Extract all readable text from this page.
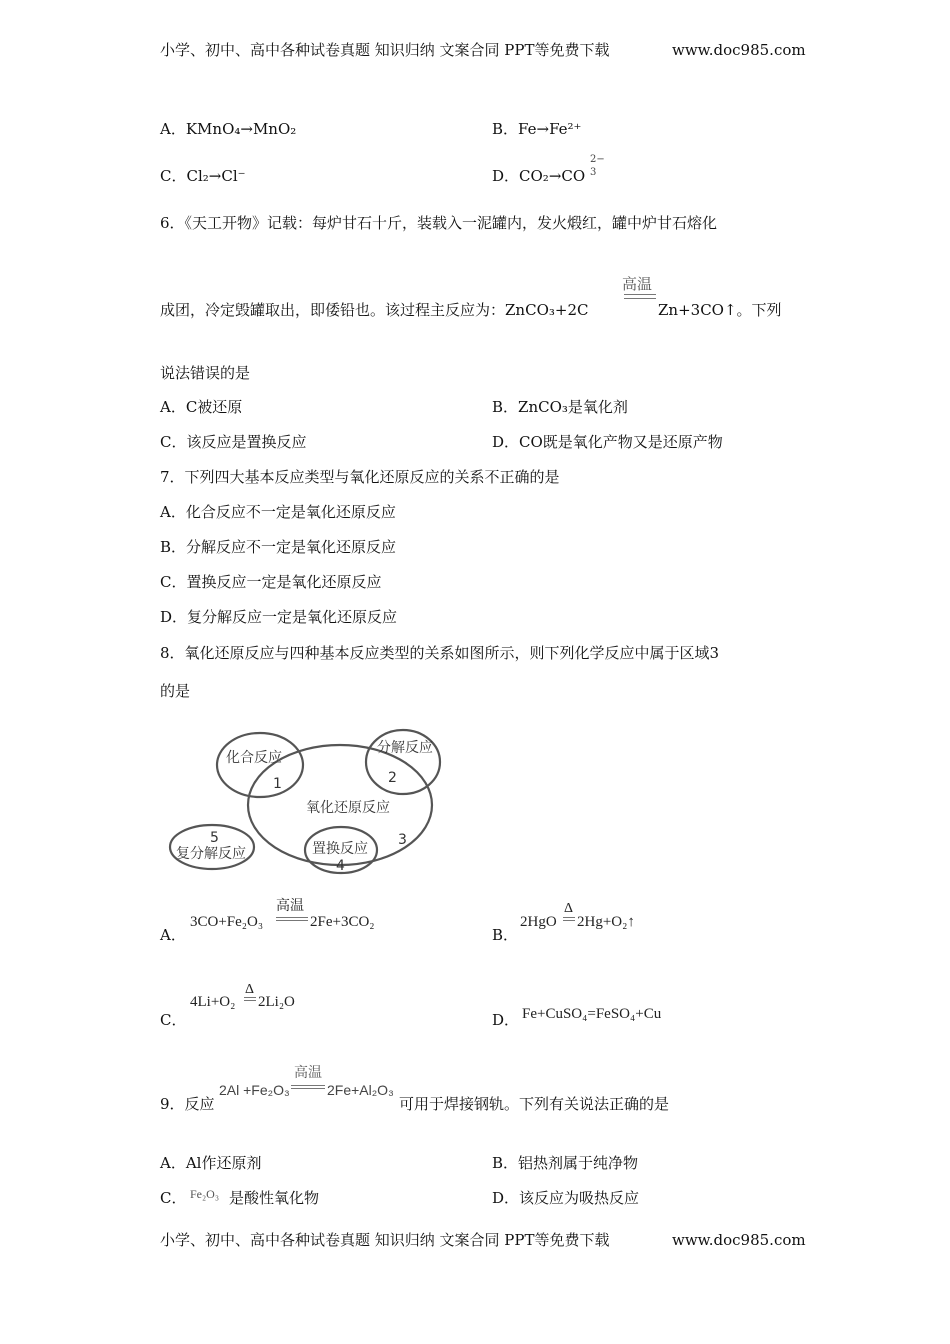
小学、初中、高中各种试卷真题 知识归纳 文案合同 PPT等免费下载	www.doc985.com
A．KMnO₄→MnO₂	B．Fe→Fe²⁺
C．Cl₂→Cl⁻	D．CO₂→CO
2−
3
6．《天工开物》记载：每炉甘石十斤，装载入一泥罐内，发火煅红，罐中炉甘石熔化
成团，冷定毁罐取出，即倭铅也。该过程主反应为：ZnCO₃+2C
高温
Zn+3CO↑。下列
说法错误的是
A．C被还原	B．ZnCO₃是氧化剂
C．该反应是置换反应	D．CO既是氧化产物又是还原产物
7．下列四大基本反应类型与氧化还原反应的关系不正确的是
A．化合反应不一定是氧化还原反应
B．分解反应不一定是氧化还原反应
C．置换反应一定是氧化还原反应
D．复分解反应一定是氧化还原反应
8．氧化还原反应与四种基本反应类型的关系如图所示，则下列化学反应中属于区域3
的是
化合反应
1
分解反应
2
氧化还原反应
3
5
复分解反应	置换反应
4
A．
3CO+Fe₂O₃
高温
2Fe+3CO₂
B．
2HgO
Δ
2Hg+O₂↑
C．
4Li+O₂
Δ
2Li₂O
D． Fe+CuSO₄=FeSO₄+Cu
9．反应
2Al +Fe₂O₃
高温
2Fe+Al₂O₃
可用于焊接钢轨。下列有关说法正确的是
A．Al作还原剂	B．铝热剂属于纯净物
C． Fe₂O₃ 是酸性氧化物	D．该反应为吸热反应
小学、初中、高中各种试卷真题 知识归纳 文案合同 PPT等免费下载	www.doc985.com
